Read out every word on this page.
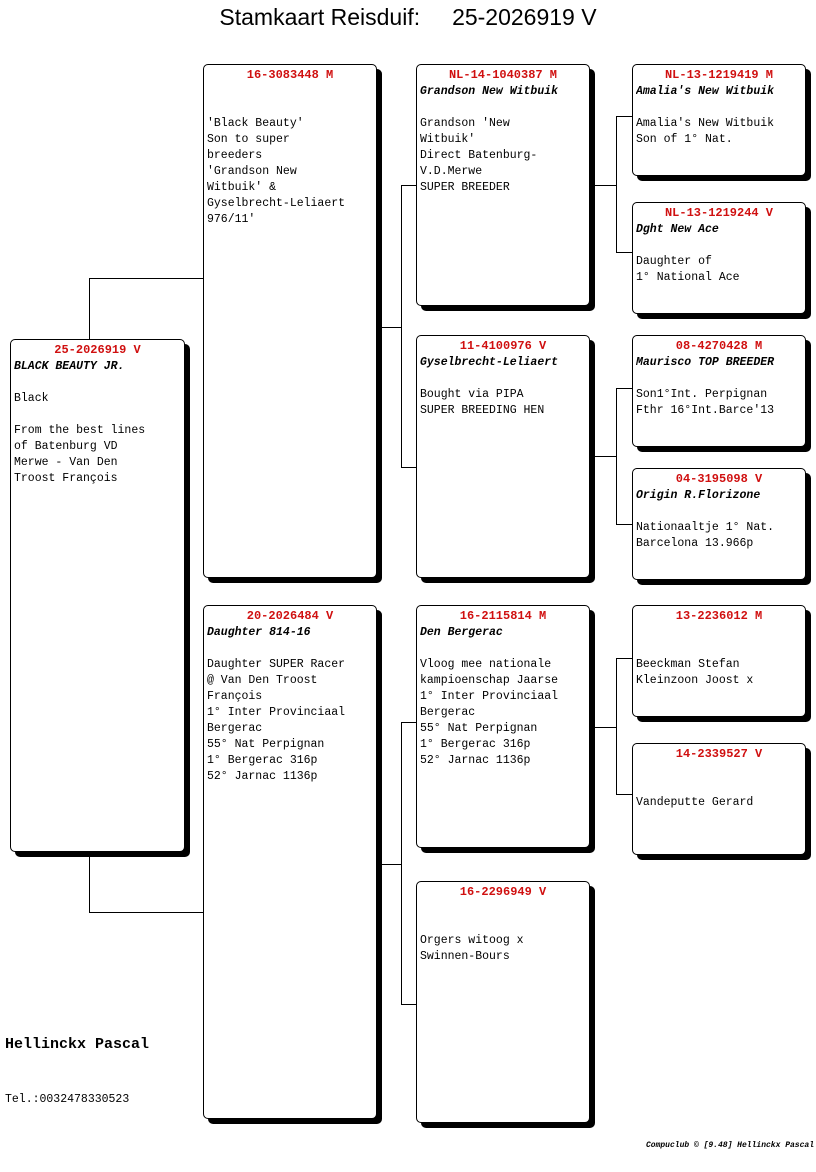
Stamkaart Reisduif: 25-2026919 V
25-2026919 V
BLACK BEAUTY JR.
Black

From the best lines
of Batenburg VD
Merwe - Van Den
Troost François
16-3083448 M
'Black Beauty'
Son to super
breeders
'Grandson New
Witbuik' &
Gyselbrecht-Leliaert
976/11'
20-2026484 V
Daughter 814-16
Daughter SUPER Racer
@ Van Den Troost
François
1° Inter Provinciaal
Bergerac
55° Nat Perpignan
1° Bergerac 316p
52° Jarnac 1136p
NL-14-1040387 M
Grandson New Witbuik
Grandson 'New
Witbuik'
Direct Batenburg-
V.D.Merwe
SUPER BREEDER
11-4100976 V
Gyselbrecht-Leliaert
Bought via PIPA
SUPER BREEDING HEN
16-2115814 M
Den Bergerac
Vloog mee nationale
kampioenschap Jaarse
1° Inter Provinciaal
Bergerac
55° Nat Perpignan
1° Bergerac 316p
52° Jarnac 1136p
16-2296949 V
Orgers witoog x
Swinnen-Bours
NL-13-1219419 M
Amalia's New Witbuik
Amalia's New Witbuik
Son of 1° Nat.
NL-13-1219244 V
Dght New Ace
Daughter of
1° National Ace
08-4270428 M
Maurisco TOP BREEDER
Son1°Int. Perpignan
Fthr 16°Int.Barce'13
04-3195098 V
Origin R.Florizone
Nationaaltje 1° Nat.
Barcelona 13.966p
13-2236012 M
Beeckman Stefan
Kleinzoon Joost x
14-2339527 V
Vandeputte Gerard
Hellinckx Pascal
Tel.:0032478330523
Compuclub © [9.48] Hellinckx Pascal
